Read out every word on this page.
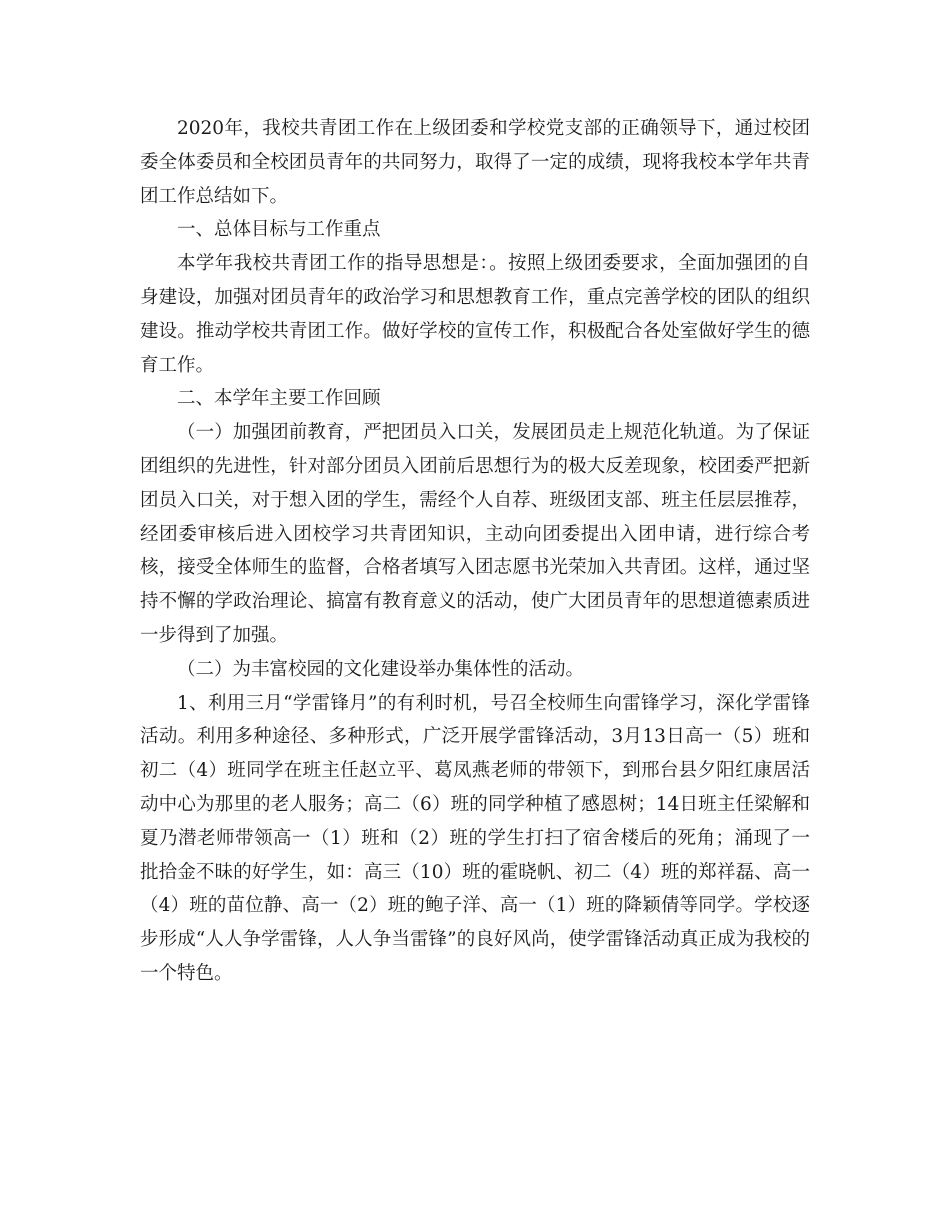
2020年，我校共青团工作在上级团委和学校党支部的正确领导下，通过校团委全体委员和全校团员青年的共同努力，取得了一定的成绩，现将我校本学年共青团工作总结如下。

一、总体目标与工作重点

本学年我校共青团工作的指导思想是：。按照上级团委要求，全面加强团的自身建设，加强对团员青年的政治学习和思想教育工作，重点完善学校的团队的组织建设。推动学校共青团工作。做好学校的宣传工作，积极配合各处室做好学生的德育工作。

二、本学年主要工作回顾

（一）加强团前教育，严把团员入口关，发展团员走上规范化轨道。为了保证团组织的先进性，针对部分团员入团前后思想行为的极大反差现象，校团委严把新团员入口关，对于想入团的学生，需经个人自荐、班级团支部、班主任层层推荐，经团委审核后进入团校学习共青团知识，主动向团委提出入团申请，进行综合考核，接受全体师生的监督，合格者填写入团志愿书光荣加入共青团。这样，通过坚持不懈的学政治理论、搞富有教育意义的活动，使广大团员青年的思想道德素质进一步得到了加强。

（二）为丰富校园的文化建设举办集体性的活动。

1、利用三月“学雷锋月”的有利时机，号召全校师生向雷锋学习，深化学雷锋活动。利用多种途径、多种形式，广泛开展学雷锋活动，3月13日高一（5）班和初二（4）班同学在班主任赵立平、葛凤燕老师的带领下，到邢台县夕阳红康居活动中心为那里的老人服务；高二（6）班的同学种植了感恩树；14日班主任梁解和夏乃潜老师带领高一（1）班和（2）班的学生打扫了宿舍楼后的死角；涌现了一批拾金不昧的好学生，如：高三（10）班的霍晓帆、初二（4）班的郑祥磊、高一（4）班的苗位静、高一（2）班的鲍子洋、高一（1）班的降颖倩等同学。学校逐步形成“人人争学雷锋，人人争当雷锋”的良好风尚，使学雷锋活动真正成为我校的一个特色。
